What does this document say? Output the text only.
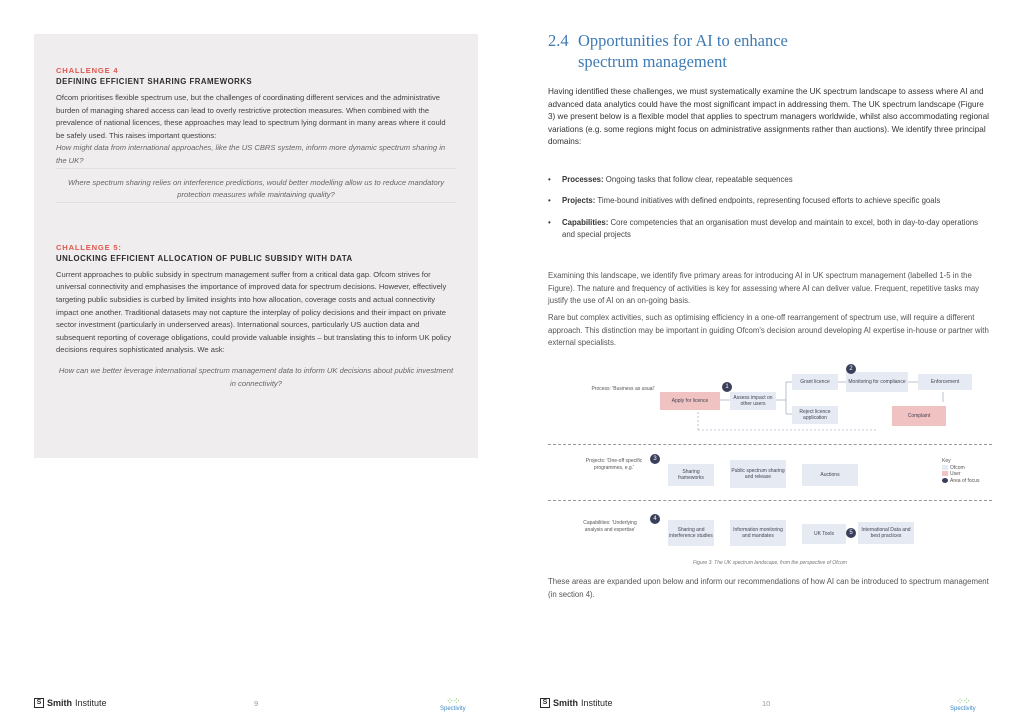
CHALLENGE 4
DEFINING EFFICIENT SHARING FRAMEWORKS
Ofcom prioritises flexible spectrum use, but the challenges of coordinating different services and the administrative burden of managing shared access can lead to overly restrictive protection measures. When combined with the prevalence of national licences, these approaches may lead to spectrum lying dormant in many areas where it could be safely used. This raises important questions:
How might data from international approaches, like the US CBRS system, inform more dynamic spectrum sharing in the UK?
Where spectrum sharing relies on interference predictions, would better modelling allow us to reduce mandatory protection measures while maintaining quality?
CHALLENGE 5:
UNLOCKING EFFICIENT ALLOCATION OF PUBLIC SUBSIDY WITH DATA
Current approaches to public subsidy in spectrum management suffer from a critical data gap. Ofcom strives for universal connectivity and emphasises the importance of improved data for spectrum decisions. However, effectively targeting public subsidies is curbed by limited insights into how allocation, coverage costs and actual connectivity impact one another. Traditional datasets may not capture the interplay of policy decisions and their impact on private sector investment (particularly in underserved areas). International sources, particularly US auction data and subsequent reporting of coverage obligations, could provide valuable insights – but translating this to inform UK policy decisions requires sophisticated analysis. We ask:
How can we better leverage international spectrum management data to inform UK decisions about public investment in connectivity?
S Smith Institute	9	⁘⁘
Spectivity
2.4 Opportunities for AI to enhance
spectrum management
Having identified these challenges, we must systematically examine the UK spectrum landscape to assess where AI and advanced data analytics could have the most significant impact in addressing them. The UK spectrum landscape (Figure 3) we present below is a flexible model that applies to spectrum managers worldwide, whilst also accommodating regional variations (e.g. some regions might focus on administrative assignments rather than auctions). We identify three principal domains:
• Processes: Ongoing tasks that follow clear, repeatable sequences
• Projects: Time-bound initiatives with defined endpoints, representing focused efforts to achieve specific goals
• Capabilities: Core competencies that an organisation must develop and maintain to excel, both in day-to-day operations and special projects
Examining this landscape, we identify five primary areas for introducing AI in UK spectrum management (labelled 1-5 in the Figure). The nature and frequency of activities is key for assessing where AI can deliver value. Frequent, repetitive tasks may justify the use of AI on an on-going basis.
Rare but complex activities, such as optimising efficiency in a one-off rearrangement of spectrum use, will require a different approach. This distinction may be important in guiding Ofcom's decision around developing AI expertise in-house or partner with external specialists.
Process: 'Business as usual'
Apply for licence
Assess impact on other users
Grant licence
Reject licence application
Monitoring for compliance	Enforcement
Complaint
Projects: 'One-off specific programmes, e.g.'
Sharing frameworks
Public spectrum sharing and release	Auctions
Key
Ofcom
User
Area of focus
Capabilities: 'Underlying analysis and expertise'	Sharing and interference studies
Information monitoring and mandates	UK Tools
International Data and best practices
1
2
3
4
5
Figure 3. The UK spectrum landscape, from the perspective of Ofcom
These areas are expanded upon below and inform our recommendations of how AI can be introduced to spectrum management (in section 4).
S Smith Institute	10	⁘⁘
Spectivity
